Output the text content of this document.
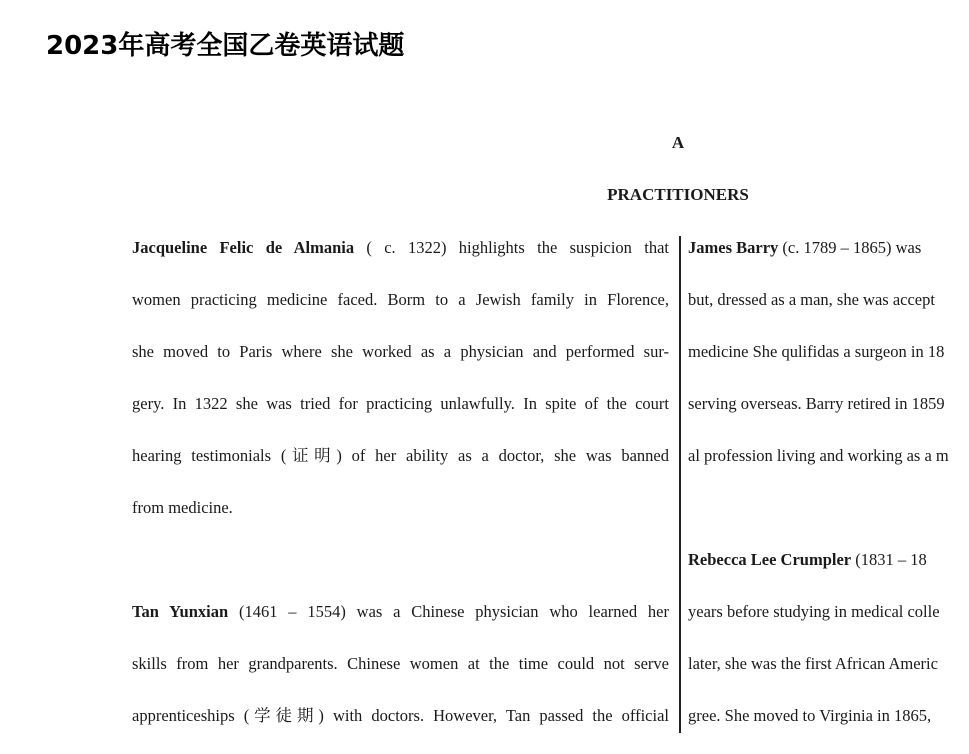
2023年高考全国乙卷英语试题
A
PRACTITIONERS
Jacqueline Felic de Almania ( c. 1322) highlights the suspicion that
women practicing medicine faced. Borm to a Jewish family in Florence,
she moved to Paris where she worked as a physician and performed sur-
gery. In 1322 she was tried for practicing unlawfully. In spite of the court
hearing testimonials (证明) of her ability as a doctor, she was banned
from medicine.
Tan Yunxian (1461 – 1554) was a Chinese physician who learned her
skills from her grandparents. Chinese women at the time could not serve
apprenticeships (学徒期) with doctors. However, Tan passed the official
James Barry (c. 1789 – 1865) was
but, dressed as a man, she was accept
medicine She qulifidas a surgeon in 18
serving overseas. Barry retired in 1859
al profession living and working as a m
Rebecca Lee Crumpler (1831 – 18
years before studying in medical colle
later, she was the first African Americ
gree. She moved to Virginia in 1865,
